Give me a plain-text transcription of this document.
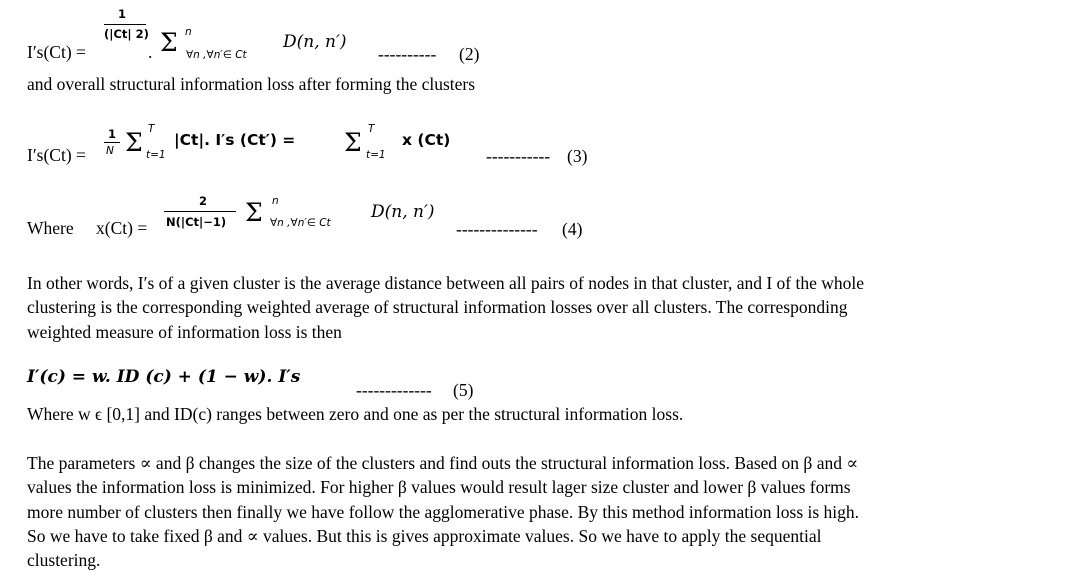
I′s(Ct) =
1
(|Ct| 2)
. Σ n
∀n ,∀n′∈ Ct
D(n, n′)
---------- (2)
and overall structural information loss after forming the clusters
I′s(Ct) =
1
N Σ T
t=1
|Ct|. I′s (Ct′) = Σ T
t=1
x (Ct)
----------- (3)
Where x(Ct) =
2
N(|Ct|−1) Σ n
∀n ,∀n′∈ Ct
D(n, n′)
-------------- (4)
In other words, I′s of a given cluster is the average distance between all pairs of nodes in that cluster, and I of the whole
clustering is the corresponding weighted average of structural information losses over all clusters. The corresponding
weighted measure of information loss is then
I′(c) = w. ID (c) + (1 − w). I′s
------------- (5)
Where w ϵ [0,1] and ID(c) ranges between zero and one as per the structural information loss.
The parameters ∝ and β changes the size of the clusters and find outs the structural information loss. Based on β and ∝
values the information loss is minimized. For higher β values would result lager size cluster and lower β values forms
more number of clusters then finally we have follow the agglomerative phase. By this method information loss is high.
So we have to take fixed β and ∝ values. But this is gives approximate values. So we have to apply the sequential
clustering.
